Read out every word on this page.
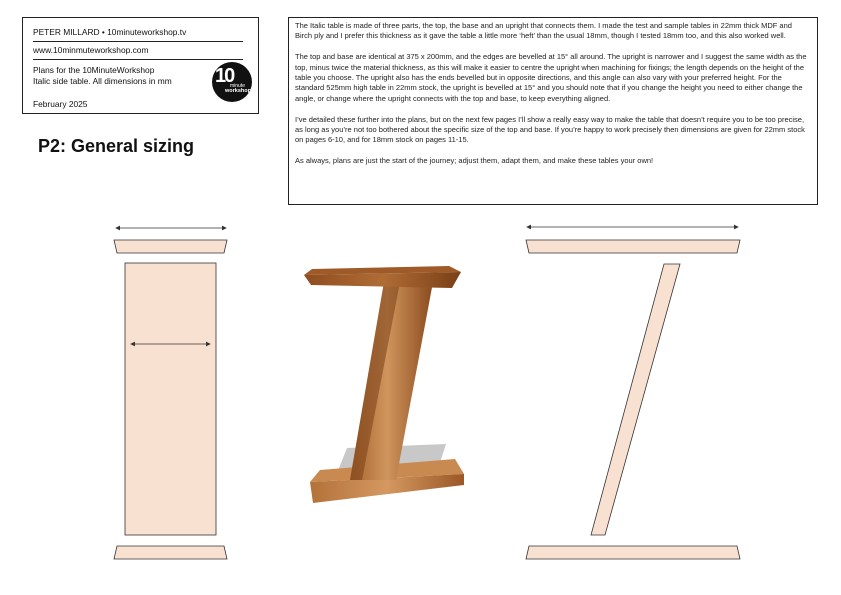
PETER MILLARD • 10minuteworkshop.tv
www.10minmuteworkshop.com
Plans for the 10MinuteWorkshop
Italic side table. All dimensions in mm
February 2025
10
minute
workshop
P2: General sizing

The Italic table is made of three parts, the top, the base and an upright that connects them. I made the test and sample tables in 22mm thick MDF and Birch ply and I prefer this thickness as it gave the table a little more ‘heft’ than the usual 18mm, though I tested 18mm too, and this also worked well.

The top and base are identical at 375 x 200mm, and the edges are bevelled at 15° all around. The upright is narrower and I suggest the same width as the top, minus twice the material thickness, as this will make it easier to centre the upright when machining for fixings; the length depends on the height of the table you choose. The upright also has the ends bevelled but in opposite directions, and this angle can also vary with your preferred height. For the standard 525mm high table in 22mm stock, the upright is bevelled at 15° and you should note that if you change the height you need to either change the angle, or change where the upright connects with the top and base, to keep everything aligned.

I’ve detailed these further into the plans, but on the next few pages I’ll show a really easy way to make the table that doesn’t require you to be too precise, as long as you’re not too bothered about the specific size of the top and base. If you’re happy to work precisely then dimensions are given for 22mm stock on pages 6-10, and for 18mm stock on pages 11-15.

As always, plans are just the start of the journey; adjust them, adapt them, and make these tables your own!
